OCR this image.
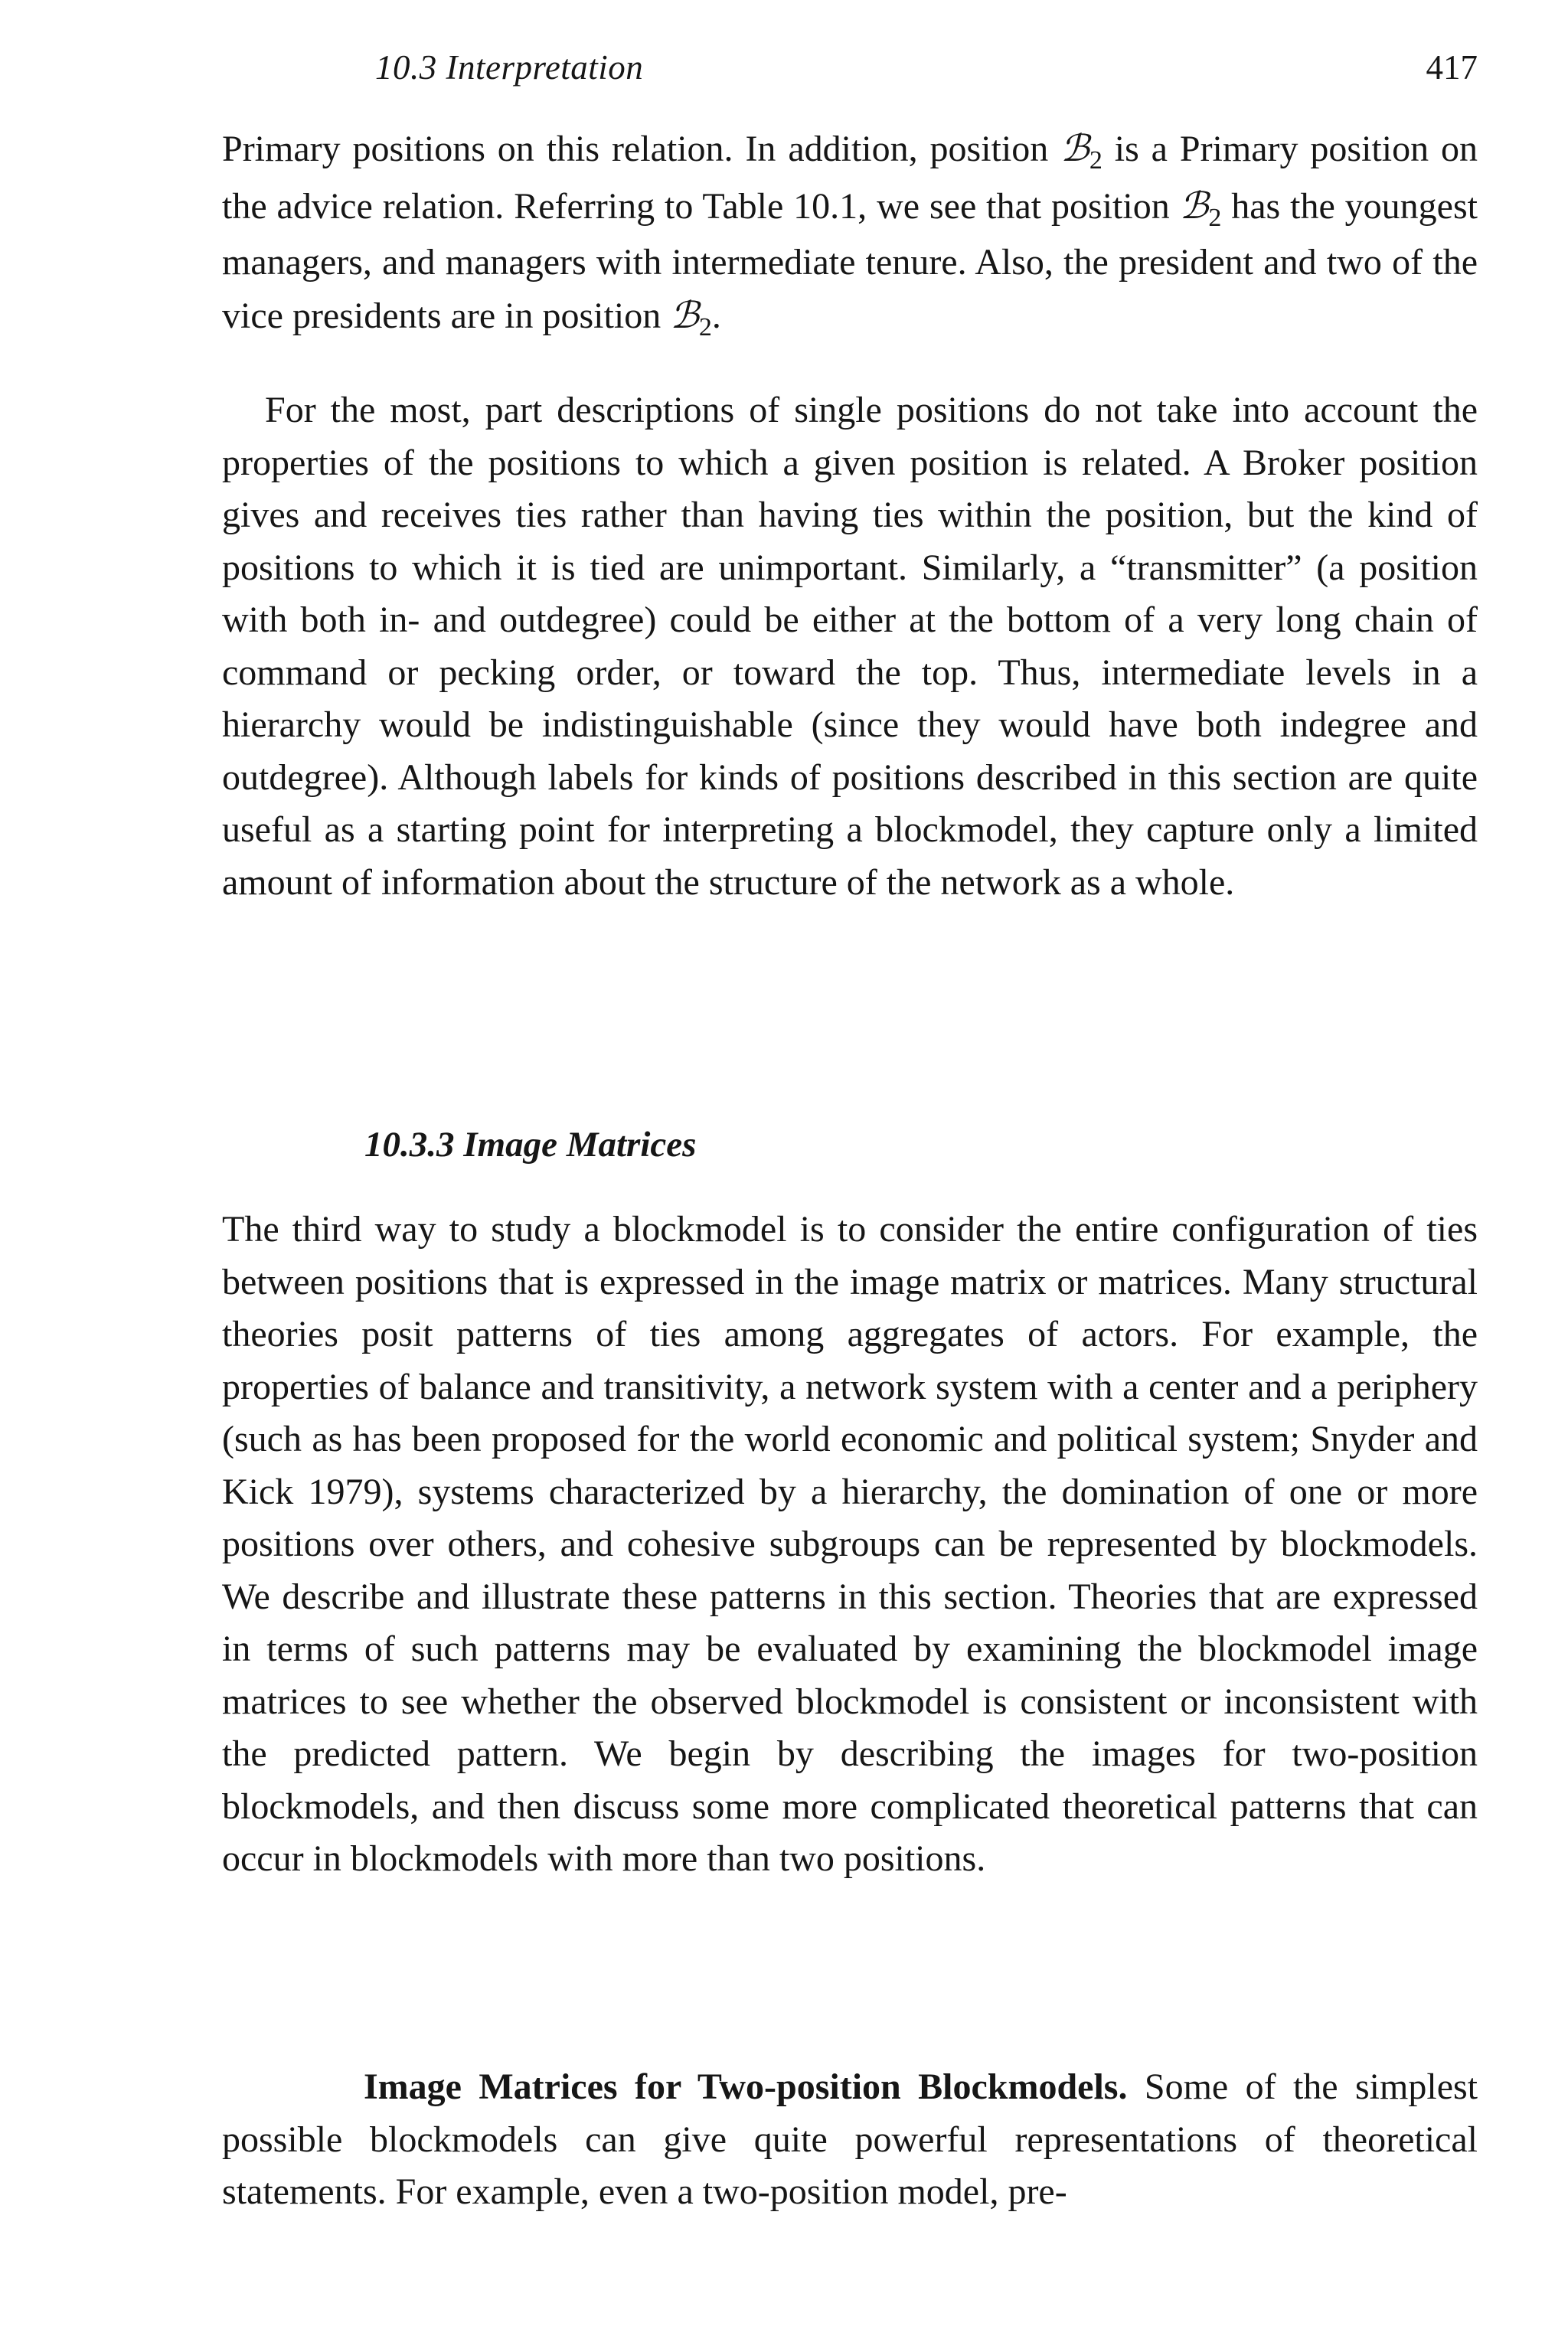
10.3 Interpretation	417

Primary positions on this relation. In addition, position ℬ$_2$ is a Primary position on the advice relation. Referring to Table 10.1, we see that position ℬ$_2$ has the youngest managers, and managers with intermediate tenure. Also, the president and two of the vice presidents are in position ℬ$_2$.

For the most, part descriptions of single positions do not take into account the properties of the positions to which a given position is related. A Broker position gives and receives ties rather than having ties within the position, but the kind of positions to which it is tied are unimportant. Similarly, a “transmitter” (a position with both in- and outdegree) could be either at the bottom of a very long chain of command or pecking order, or toward the top. Thus, intermediate levels in a hierarchy would be indistinguishable (since they would have both indegree and outdegree). Although labels for kinds of positions described in this section are quite useful as a starting point for interpreting a blockmodel, they capture only a limited amount of information about the structure of the network as a whole.

10.3.3 Image Matrices

The third way to study a blockmodel is to consider the entire configuration of ties between positions that is expressed in the image matrix or matrices. Many structural theories posit patterns of ties among aggregates of actors. For example, the properties of balance and transitivity, a network system with a center and a periphery (such as has been proposed for the world economic and political system; Snyder and Kick 1979), systems characterized by a hierarchy, the domination of one or more positions over others, and cohesive subgroups can be represented by blockmodels. We describe and illustrate these patterns in this section. Theories that are expressed in terms of such patterns may be evaluated by examining the blockmodel image matrices to see whether the observed blockmodel is consistent or inconsistent with the predicted pattern. We begin by describing the images for two-position blockmodels, and then discuss some more complicated theoretical patterns that can occur in blockmodels with more than two positions.

Image Matrices for Two-position Blockmodels. Some of the simplest possible blockmodels can give quite powerful representations of theoretical statements. For example, even a two-position model, pre-
